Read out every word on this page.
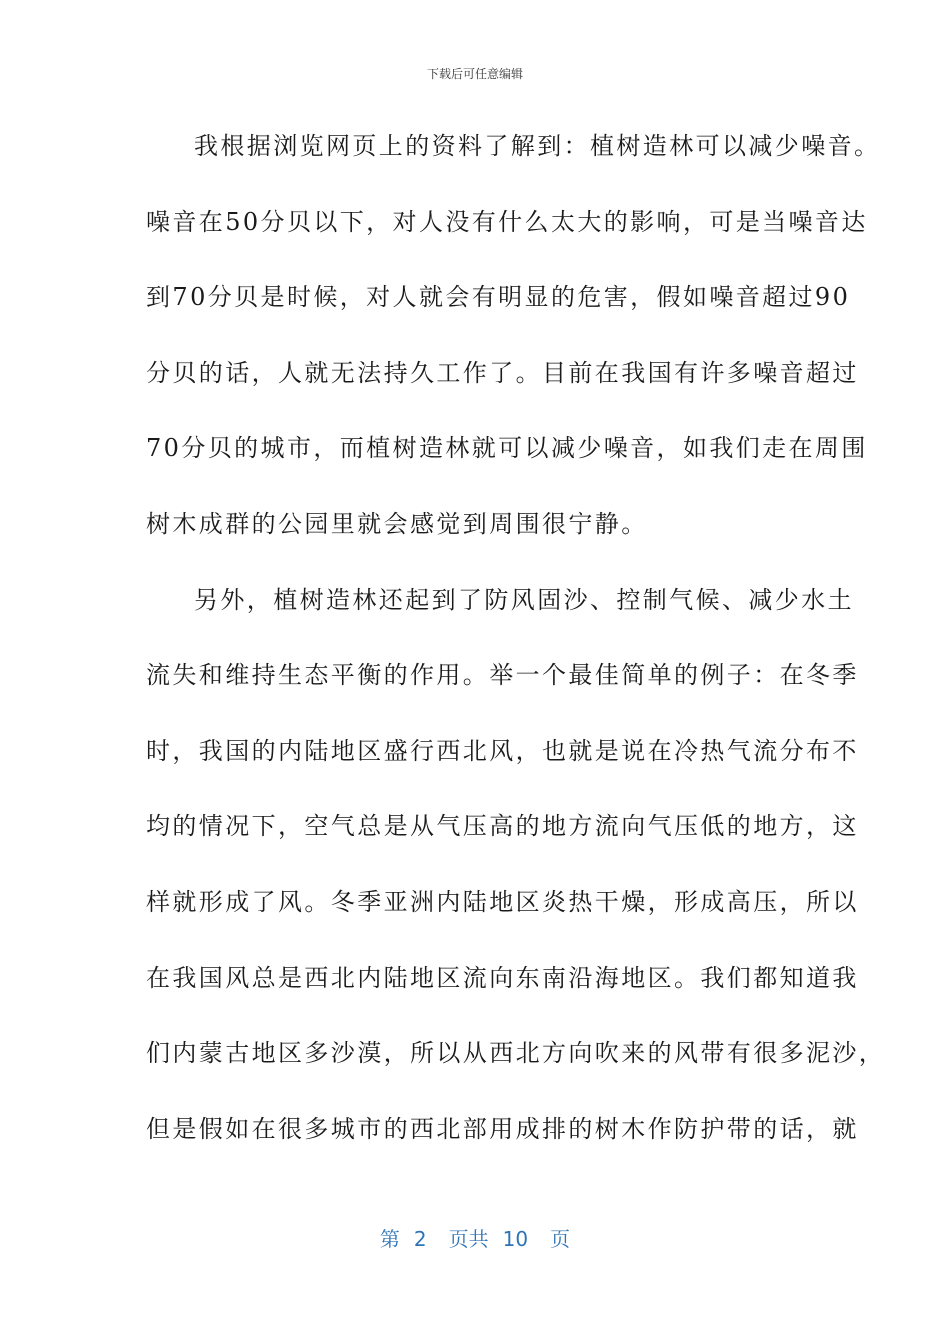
下载后可任意编辑
我根据浏览网页上的资料了解到：植树造林可以减少噪音。
噪音在50分贝以下，对人没有什么太大的影响，可是当噪音达
到70分贝是时候，对人就会有明显的危害，假如噪音超过90
分贝的话，人就无法持久工作了。目前在我国有许多噪音超过
70分贝的城市，而植树造林就可以减少噪音，如我们走在周围
树木成群的公园里就会感觉到周围很宁静。
另外，植树造林还起到了防风固沙、控制气候、减少水土
流失和维持生态平衡的作用。举一个最佳简单的例子：在冬季
时，我国的内陆地区盛行西北风，也就是说在冷热气流分布不
均的情况下，空气总是从气压高的地方流向气压低的地方，这
样就形成了风。冬季亚洲内陆地区炎热干燥，形成高压，所以
在我国风总是西北内陆地区流向东南沿海地区。我们都知道我
们内蒙古地区多沙漠，所以从西北方向吹来的风带有很多泥沙，
但是假如在很多城市的西北部用成排的树木作防护带的话，就
第 2 页共 10 页
